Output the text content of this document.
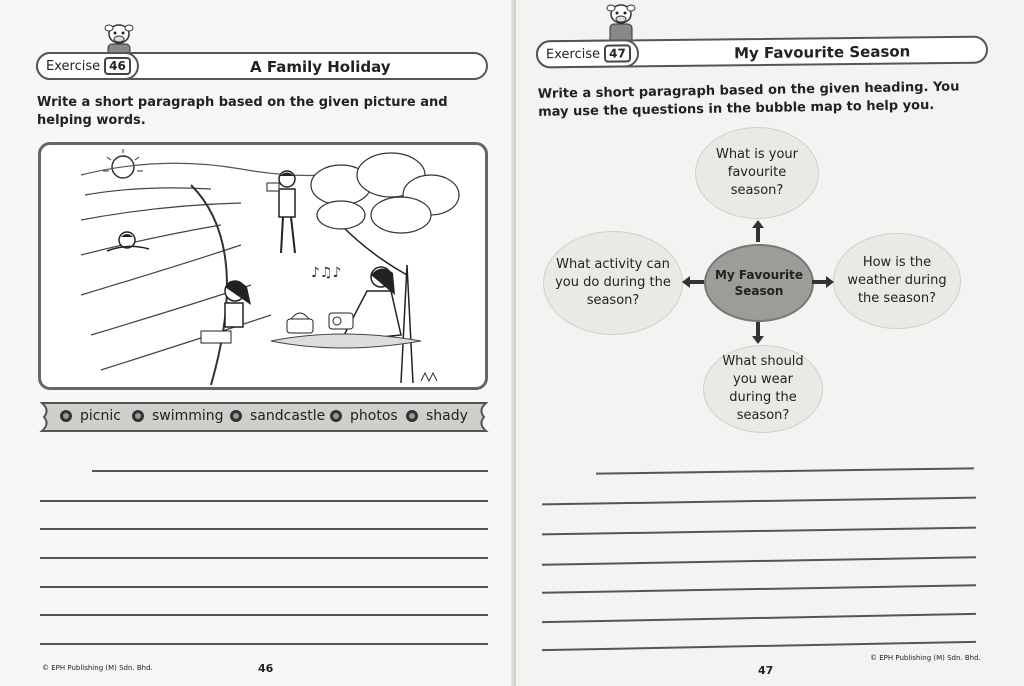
Exercise 46	A Family Holiday
Write a short paragraph based on the given picture and helping words.
♪♫♪
picnic swimming sandcastle photos shady
© EPH Publishing (M) Sdn. Bhd.	46
Exercise 47	My Favourite Season
Write a short paragraph based on the given heading. You may use the questions in the bubble map to help you.
What is your favourite season?
What activity can you do during the season?
My Favourite Season
How is the weather during the season?
What should you wear during the season?
© EPH Publishing (M) Sdn. Bhd.
47
